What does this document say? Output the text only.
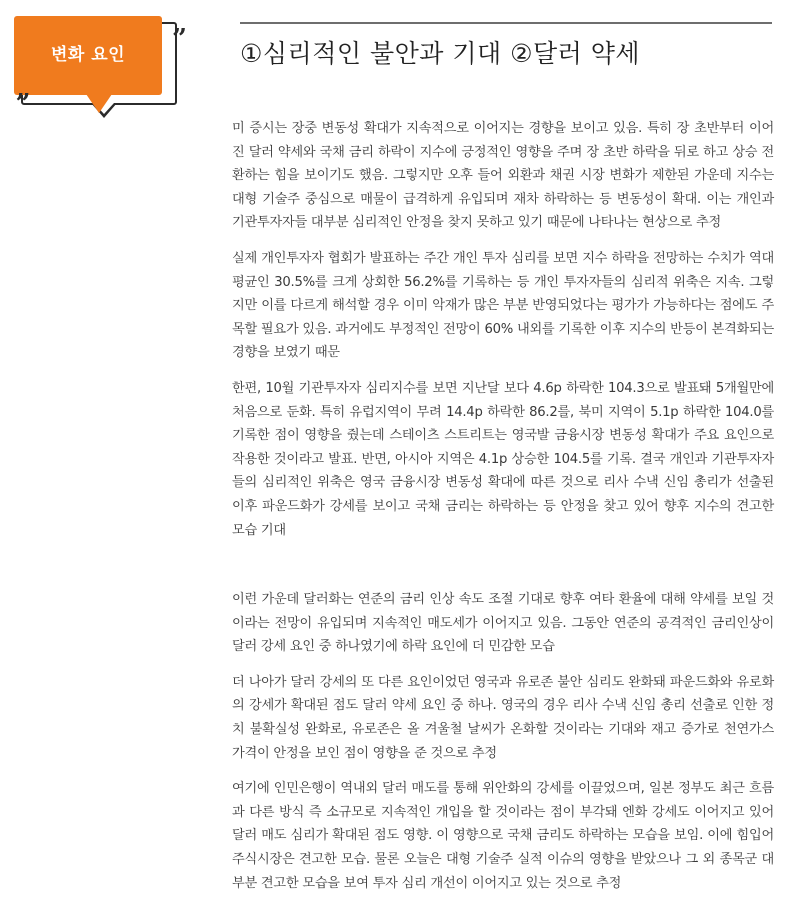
변화 요인
”
„
①심리적인 불안과 기대 ②달러 약세

미 증시는 장중 변동성 확대가 지속적으로 이어지는 경향을 보이고 있음. 특히 장 초반부터 이어진 달러 약세와 국채 금리 하락이 지수에 긍정적인 영향을 주며 장 초반 하락을 뒤로 하고 상승 전환하는 힘을 보이기도 했음. 그렇지만 오후 들어 외환과 채권 시장 변화가 제한된 가운데 지수는 대형 기술주 중심으로 매물이 급격하게 유입되며 재차 하락하는 등 변동성이 확대. 이는 개인과 기관투자자들 대부분 심리적인 안정을 찾지 못하고 있기 때문에 나타나는 현상으로 추정

실제 개인투자자 협회가 발표하는 주간 개인 투자 심리를 보면 지수 하락을 전망하는 수치가 역대 평균인 30.5%를 크게 상회한 56.2%를 기록하는 등 개인 투자자들의 심리적 위축은 지속. 그렇지만 이를 다르게 해석할 경우 이미 악재가 많은 부분 반영되었다는 평가가 가능하다는 점에도 주목할 필요가 있음. 과거에도 부정적인 전망이 60% 내외를 기록한 이후 지수의 반등이 본격화되는 경향을 보였기 때문

한편, 10월 기관투자자 심리지수를 보면 지난달 보다 4.6p 하락한 104.3으로 발표돼 5개월만에 처음으로 둔화. 특히 유럽지역이 무려 14.4p 하락한 86.2를, 북미 지역이 5.1p 하락한 104.0를 기록한 점이 영향을 줬는데 스테이츠 스트리트는 영국발 금융시장 변동성 확대가 주요 요인으로 작용한 것이라고 발표. 반면, 아시아 지역은 4.1p 상승한 104.5를 기록. 결국 개인과 기관투자자들의 심리적인 위축은 영국 금융시장 변동성 확대에 따른 것으로 리사 수낵 신임 총리가 선출된 이후 파운드화가 강세를 보이고 국채 금리는 하락하는 등 안정을 찾고 있어 향후 지수의 견고한 모습 기대

이런 가운데 달러화는 연준의 금리 인상 속도 조절 기대로 향후 여타 환율에 대해 약세를 보일 것이라는 전망이 유입되며 지속적인 매도세가 이어지고 있음. 그동안 연준의 공격적인 금리인상이 달러 강세 요인 중 하나였기에 하락 요인에 더 민감한 모습

더 나아가 달러 강세의 또 다른 요인이었던 영국과 유로존 불안 심리도 완화돼 파운드화와 유로화의 강세가 확대된 점도 달러 약세 요인 중 하나. 영국의 경우 리사 수낵 신임 총리 선출로 인한 정치 불확실성 완화로, 유로존은 올 겨울철 날씨가 온화할 것이라는 기대와 재고 증가로 천연가스 가격이 안정을 보인 점이 영향을 준 것으로 추정

여기에 인민은행이 역내외 달러 매도를 통해 위안화의 강세를 이끌었으며, 일본 정부도 최근 흐름과 다른 방식 즉 소규모로 지속적인 개입을 할 것이라는 점이 부각돼 엔화 강세도 이어지고 있어 달러 매도 심리가 확대된 점도 영향. 이 영향으로 국채 금리도 하락하는 모습을 보임. 이에 힘입어 주식시장은 견고한 모습. 물론 오늘은 대형 기술주 실적 이슈의 영향을 받았으나 그 외 종목군 대부분 견고한 모습을 보여 투자 심리 개선이 이어지고 있는 것으로 추정
